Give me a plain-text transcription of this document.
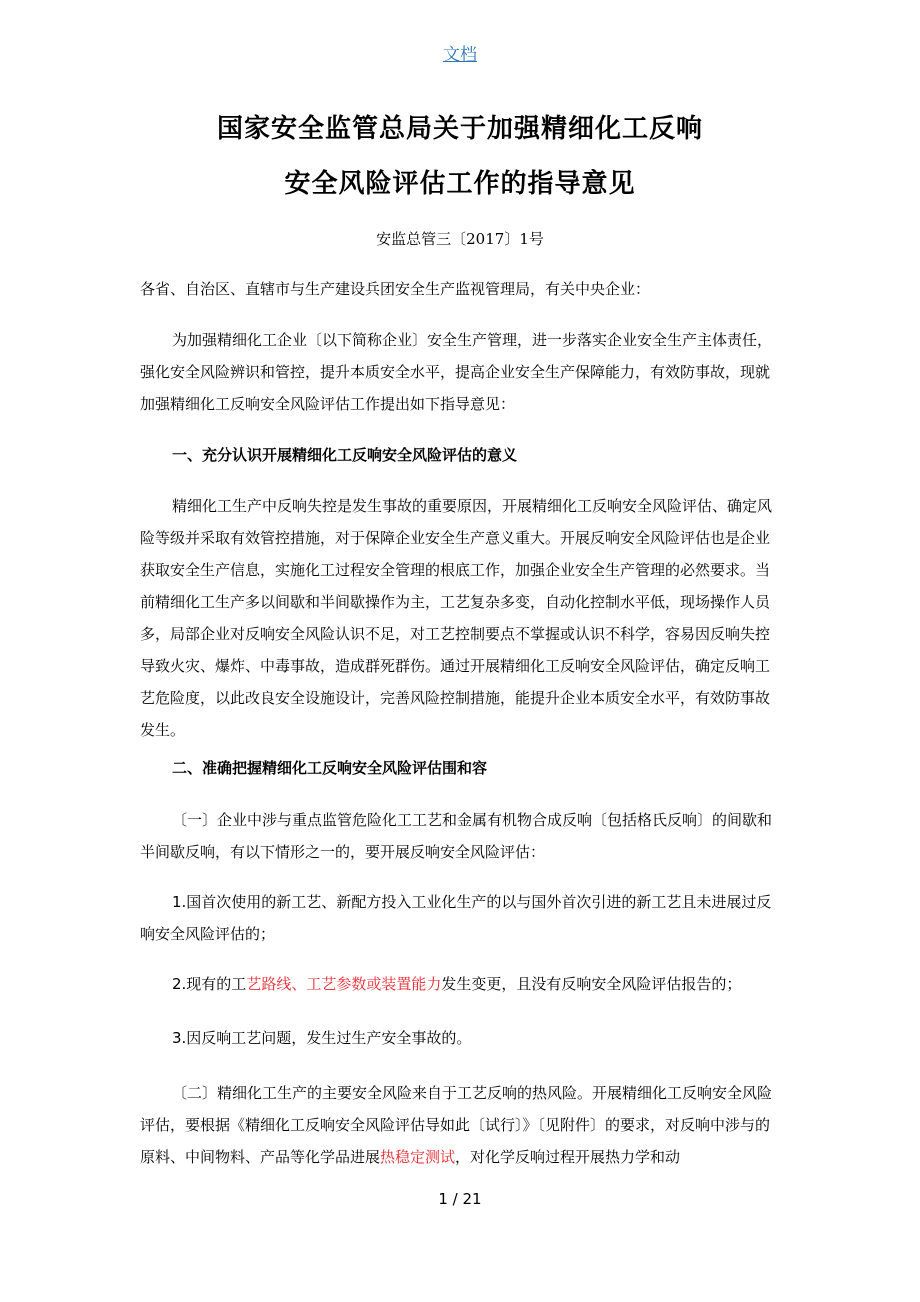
文档
国家安全监管总局关于加强精细化工反响
安全风险评估工作的指导意见
安监总管三〔2017〕1号
各省、自治区、直辖市与生产建设兵团安全生产监视管理局，有关中央企业：
为加强精细化工企业〔以下简称企业〕安全生产管理，进一步落实企业安全生产主体责任，强化安全风险辨识和管控，提升本质安全水平，提高企业安全生产保障能力，有效防事故，现就加强精细化工反响安全风险评估工作提出如下指导意见：
一、充分认识开展精细化工反响安全风险评估的意义
精细化工生产中反响失控是发生事故的重要原因，开展精细化工反响安全风险评估、确定风险等级并采取有效管控措施，对于保障企业安全生产意义重大。开展反响安全风险评估也是企业获取安全生产信息，实施化工过程安全管理的根底工作，加强企业安全生产管理的必然要求。当前精细化工生产多以间歇和半间歇操作为主，工艺复杂多变，自动化控制水平低，现场操作人员多，局部企业对反响安全风险认识不足，对工艺控制要点不掌握或认识不科学，容易因反响失控导致火灾、爆炸、中毒事故，造成群死群伤。通过开展精细化工反响安全风险评估，确定反响工艺危险度，以此改良安全设施设计，完善风险控制措施，能提升企业本质安全水平，有效防事故发生。
二、准确把握精细化工反响安全风险评估围和容
〔一〕企业中涉与重点监管危险化工工艺和金属有机物合成反响〔包括格氏反响〕的间歇和半间歇反响，有以下情形之一的，要开展反响安全风险评估：
1.国首次使用的新工艺、新配方投入工业化生产的以与国外首次引进的新工艺且未进展过反响安全风险评估的；
2.现有的工艺路线、工艺参数或装置能力发生变更，且没有反响安全风险评估报告的；
3.因反响工艺问题，发生过生产安全事故的。
〔二〕精细化工生产的主要安全风险来自于工艺反响的热风险。开展精细化工反响安全风险评估，要根据《精细化工反响安全风险评估导如此〔试行〕》〔见附件〕的要求，对反响中涉与的原料、中间物料、产品等化学品进展热稳定测试，对化学反响过程开展热力学和动
1 / 21
